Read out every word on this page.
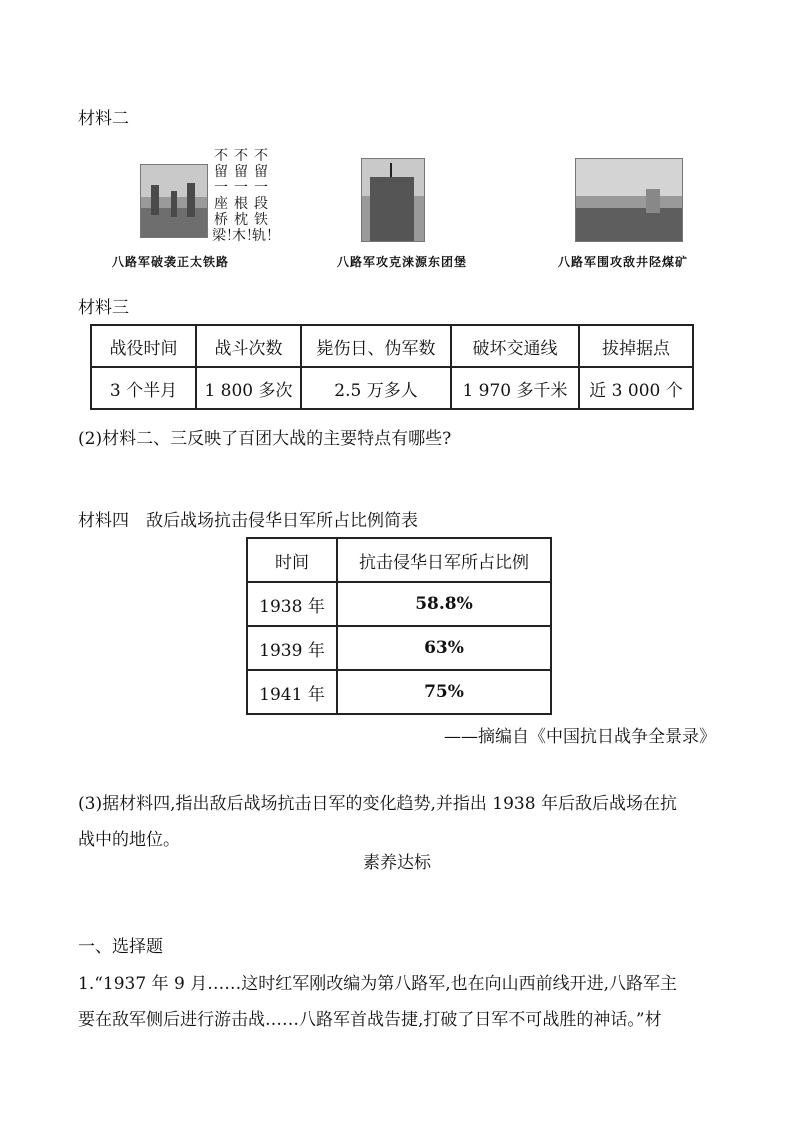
材料二
不留一座桥梁！
不留一根枕木！
不留一段铁轨！
八路军破袭正太铁路	八路军攻克涞源东团堡	八路军围攻敌井陉煤矿
材料三
战役时间	战斗次数	毙伤日、伪军数	破坏交通线	拔掉据点
3 个半月	1 800 多次	2.5 万多人	1 970 多千米	近 3 000 个
(2)材料二、三反映了百团大战的主要特点有哪些?
材料四　敌后战场抗击侵华日军所占比例简表
时间	抗击侵华日军所占比例
1938 年	58.8%
1939 年	63%
1941 年	75%
——摘编自《中国抗日战争全景录》
(3)据材料四,指出敌后战场抗击日军的变化趋势,并指出 1938 年后敌后战场在抗
战中的地位。
素养达标
一、选择题
1.“1937 年 9 月……这时红军刚改编为第八路军,也在向山西前线开进,八路军主
要在敌军侧后进行游击战……八路军首战告捷,打破了日军不可战胜的神话。”材
